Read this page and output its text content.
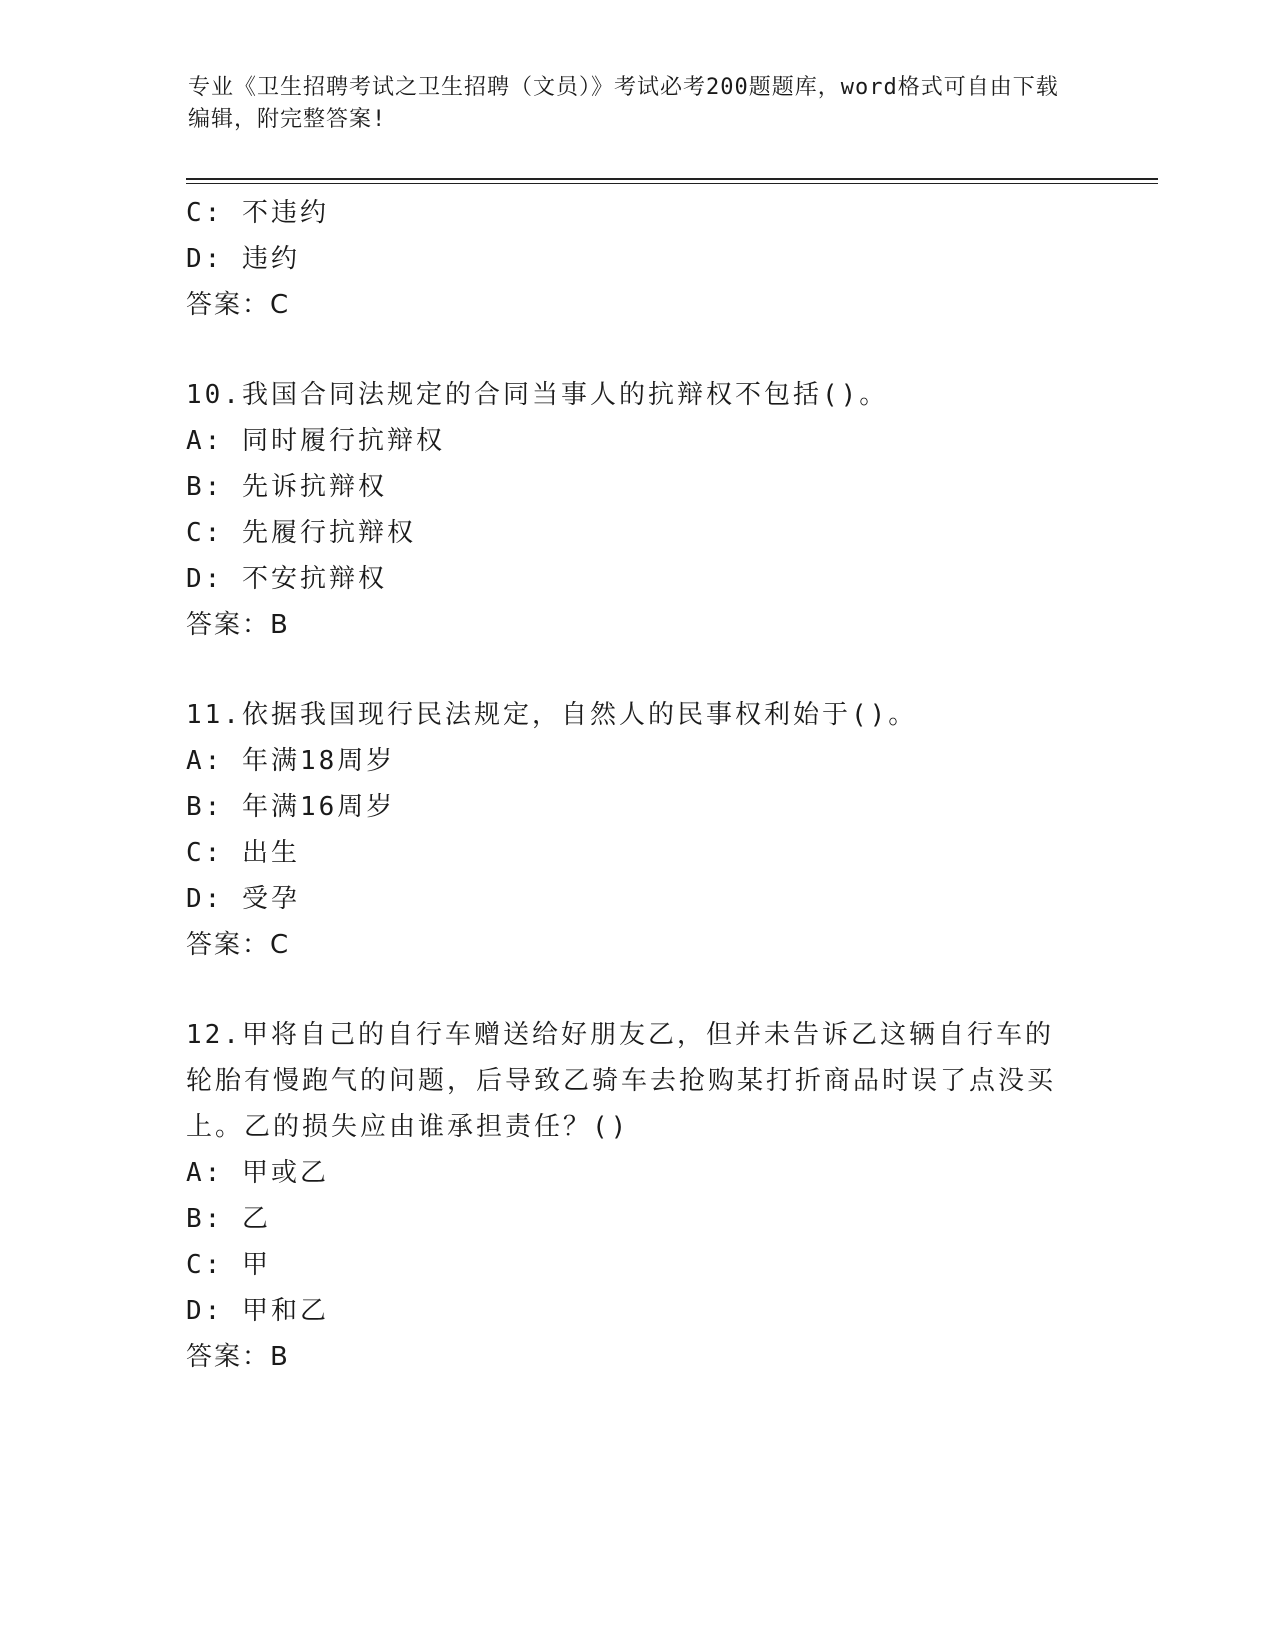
专业《卫生招聘考试之卫生招聘（文员）》考试必考200题题库，word格式可自由下载编辑，附完整答案!
C: 不违约
D: 违约
答案：C
10.我国合同法规定的合同当事人的抗辩权不包括()。
A: 同时履行抗辩权
B: 先诉抗辩权
C: 先履行抗辩权
D: 不安抗辩权
答案：B
11.依据我国现行民法规定，自然人的民事权利始于()。
A: 年满18周岁
B: 年满16周岁
C: 出生
D: 受孕
答案：C
12.甲将自己的自行车赠送给好朋友乙，但并未告诉乙这辆自行车的轮胎有慢跑气的问题，后导致乙骑车去抢购某打折商品时误了点没买上。乙的损失应由谁承担责任？()
A: 甲或乙
B: 乙
C: 甲
D: 甲和乙
答案：B
